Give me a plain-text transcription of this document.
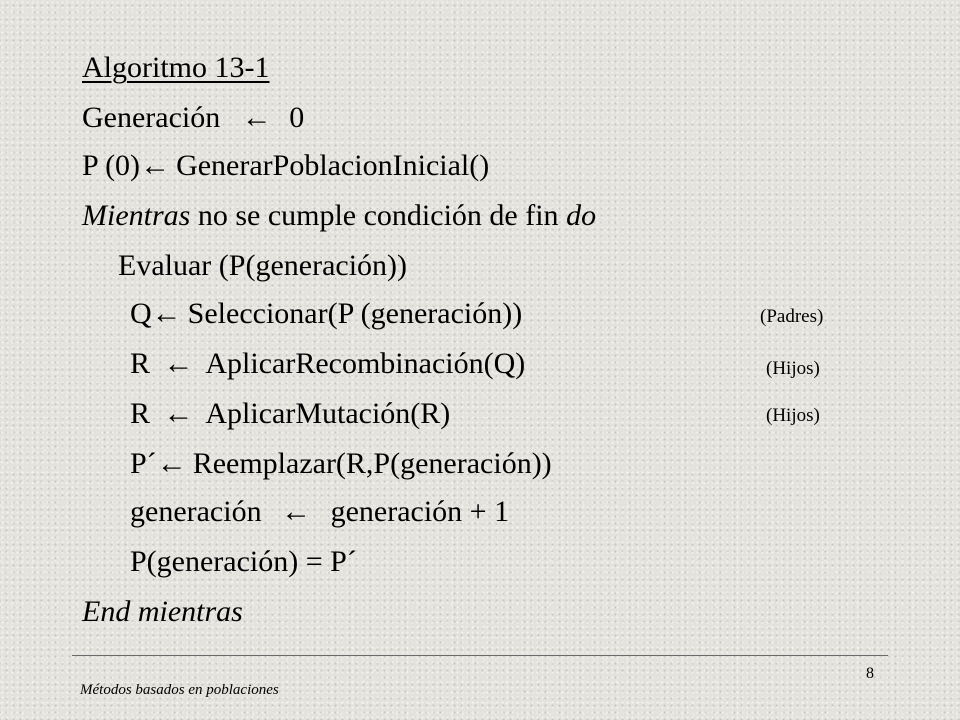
Algoritmo 13-1
Generación ← 0
P (0)← GenerarPoblacionInicial()
Mientras no se cumple condición de fin do
Evaluar (P(generación))
Q← Seleccionar(P (generación))	(Padres)
R ← AplicarRecombinación(Q)	(Hijos)
R ← AplicarMutación(R)	(Hijos)
P´← Reemplazar(R,P(generación))
generación ← generación + 1
P(generación) = P´
End mientras
8
Métodos basados en poblaciones
